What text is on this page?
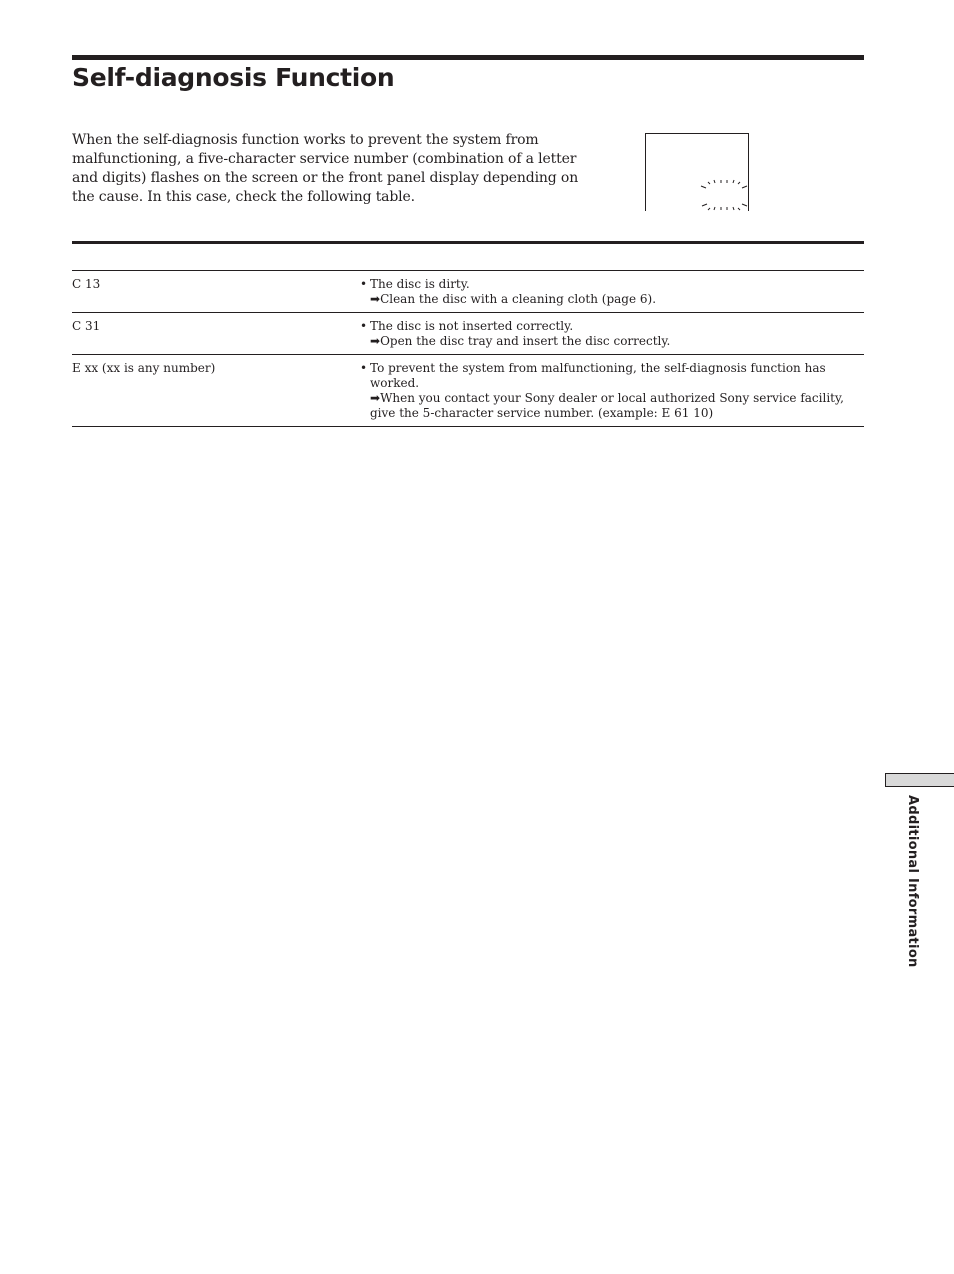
Self-diagnosis Function

When the self-diagnosis function works to prevent the system from malfunctioning, a five-character service number (combination of a letter and digits) flashes on the screen or the front panel display depending on the cause. In this case, check the following table.

C 13	• The disc is dirty.

➡Clean the disc with a cleaning cloth (page 6).

C 31	• The disc is not inserted correctly.

➡Open the disc tray and insert the disc correctly.

E xx (xx is any number)	• To prevent the system from malfunctioning, the self-diagnosis function has worked.

➡When you contact your Sony dealer or local authorized Sony service facility, give the 5-character service number. (example: E 61 10)

Additional Information
